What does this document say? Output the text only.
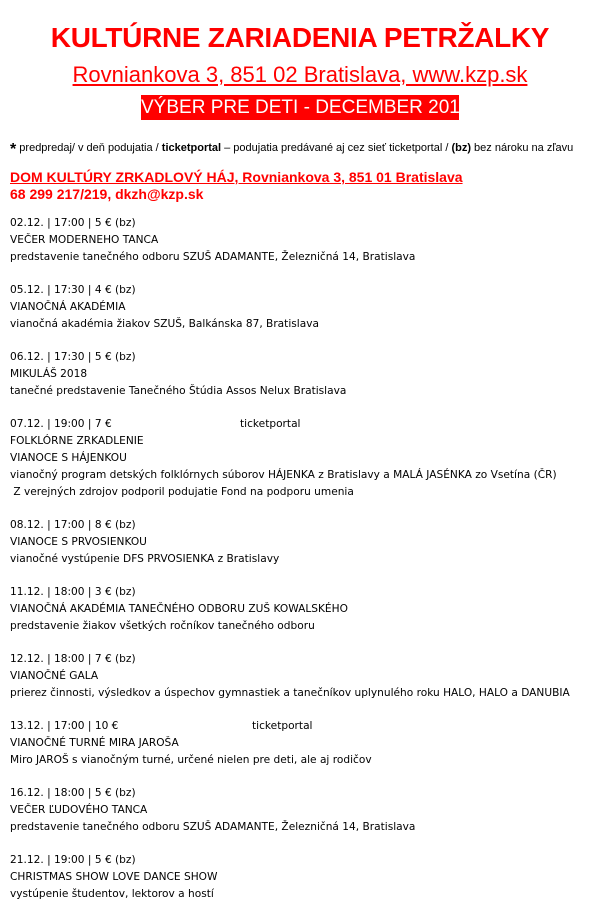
KULTÚRNE ZARIADENIA PETRŽALKY
Rovniankova 3, 851 02 Bratislava, www.kzp.sk
VÝBER PRE DETI - DECEMBER 2018
* predpredaj/ v deň podujatia / ticketportal – podujatia predávané aj cez sieť ticketportal / (bz) bez nároku na zľavu
DOM KULTÚRY ZRKADLOVÝ HÁJ, Rovniankova 3, 851 01 Bratislava
68 299 217/219, dkzh@kzp.sk
02.12. | 17:00 | 5 € (bz)
VEČER MODERNEHO TANCA
predstavenie tanečného odboru SZUŠ ADAMANTE, Železničná 14, Bratislava
05.12. | 17:30 | 4 € (bz)
VIANOČNÁ AKADÉMIA
vianočná akadémia žiakov SZUŠ, Balkánska 87, Bratislava
06.12. | 17:30 | 5 € (bz)
MIKULÁŠ 2018
tanečné predstavenie Tanečného Štúdia Assos Nelux Bratislava
07.12. | 19:00 | 7 €	ticketportal
FOLKLÓRNE ZRKADLENIE
VIANOCE S HÁJENKOU
vianočný program detských folklórnych súborov HÁJENKA z Bratislavy a MALÁ JASÉNKA zo Vsetína (ČR)
Z verejných zdrojov podporil podujatie Fond na podporu umenia
08.12. | 17:00 | 8 € (bz)
VIANOCE S PRVOSIENKOU
vianočné vystúpenie DFS PRVOSIENKA z Bratislavy
11.12. | 18:00 | 3 € (bz)
VIANOČNÁ AKADÉMIA TANEČNÉHO ODBORU ZUŠ KOWALSKÉHO
predstavenie žiakov všetkých ročníkov tanečného odboru
12.12. | 18:00 | 7 € (bz)
VIANOČNÉ GALA
prierez činnosti, výsledkov a úspechov gymnastiek a tanečníkov uplynulého roku HALO, HALO a DANUBIA
13.12. | 17:00 | 10 €	ticketportal
VIANOČNÉ TURNÉ MIRA JAROŠA
Miro JAROŠ s vianočným turné, určené nielen pre deti, ale aj rodičov
16.12. | 18:00 | 5 € (bz)
VEČER ĽUDOVÉHO TANCA
predstavenie tanečného odboru SZUŠ ADAMANTE, Železničná 14, Bratislava
21.12. | 19:00 | 5 € (bz)
CHRISTMAS SHOW LOVE DANCE SHOW
vystúpenie študentov, lektorov a hostí
